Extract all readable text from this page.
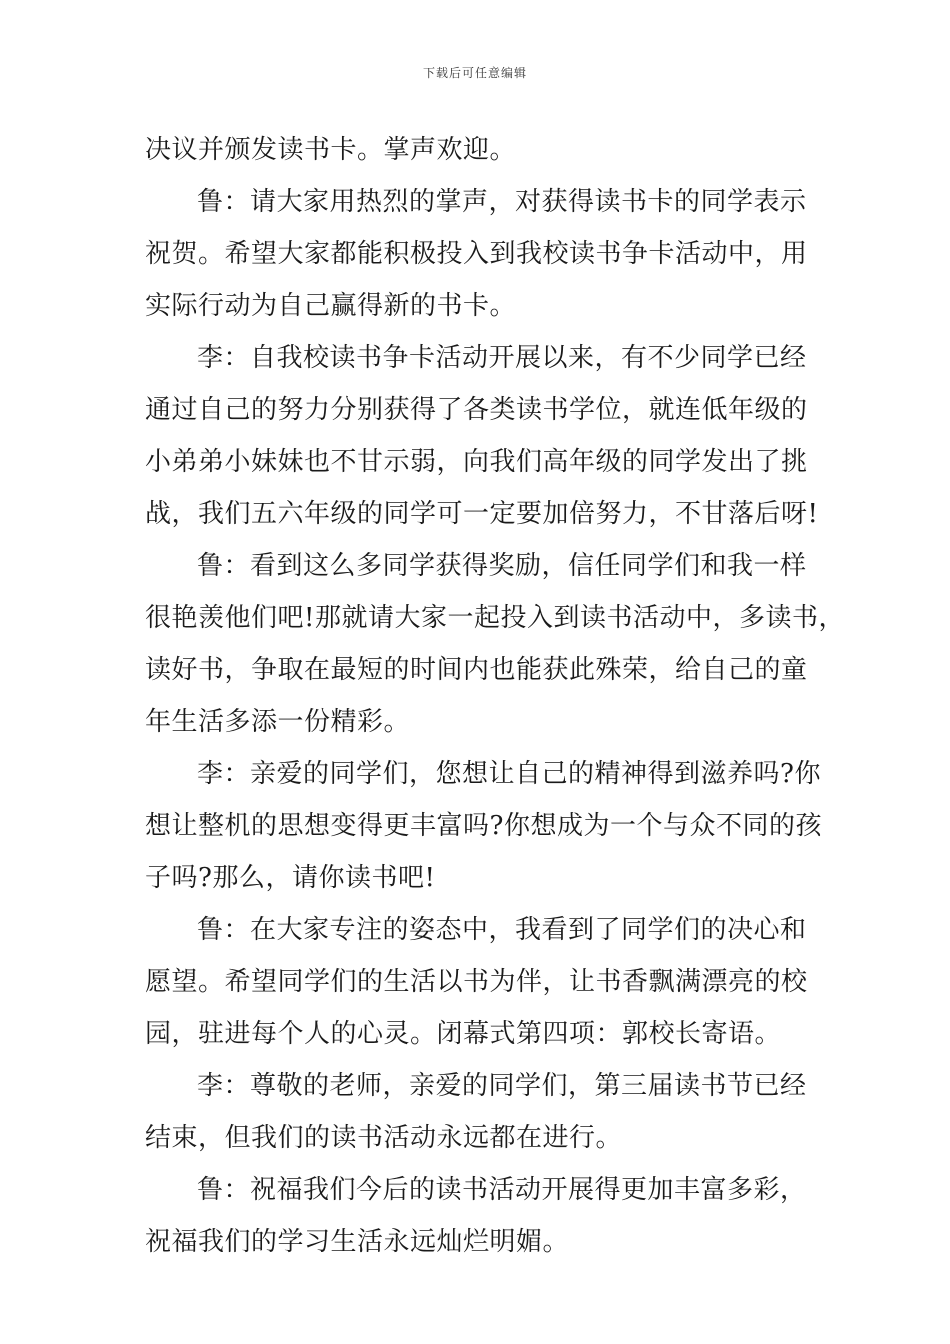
下载后可任意编辑
决议并颁发读书卡。掌声欢迎。
鲁：请大家用热烈的掌声，对获得读书卡的同学表示
祝贺。希望大家都能积极投入到我校读书争卡活动中，用
实际行动为自己赢得新的书卡。
李：自我校读书争卡活动开展以来，有不少同学已经
通过自己的努力分别获得了各类读书学位，就连低年级的
小弟弟小妹妹也不甘示弱，向我们高年级的同学发出了挑
战，我们五六年级的同学可一定要加倍努力，不甘落后呀!
鲁：看到这么多同学获得奖励，信任同学们和我一样
很艳羡他们吧!那就请大家一起投入到读书活动中，多读书，
读好书，争取在最短的时间内也能获此殊荣，给自己的童
年生活多添一份精彩。
李：亲爱的同学们，您想让自己的精神得到滋养吗?你
想让整机的思想变得更丰富吗?你想成为一个与众不同的孩
子吗?那么，请你读书吧!
鲁：在大家专注的姿态中，我看到了同学们的决心和
愿望。希望同学们的生活以书为伴，让书香飘满漂亮的校
园，驻进每个人的心灵。闭幕式第四项：郭校长寄语。
李：尊敬的老师，亲爱的同学们，第三届读书节已经
结束，但我们的读书活动永远都在进行。
鲁：祝福我们今后的读书活动开展得更加丰富多彩，
祝福我们的学习生活永远灿烂明媚。
